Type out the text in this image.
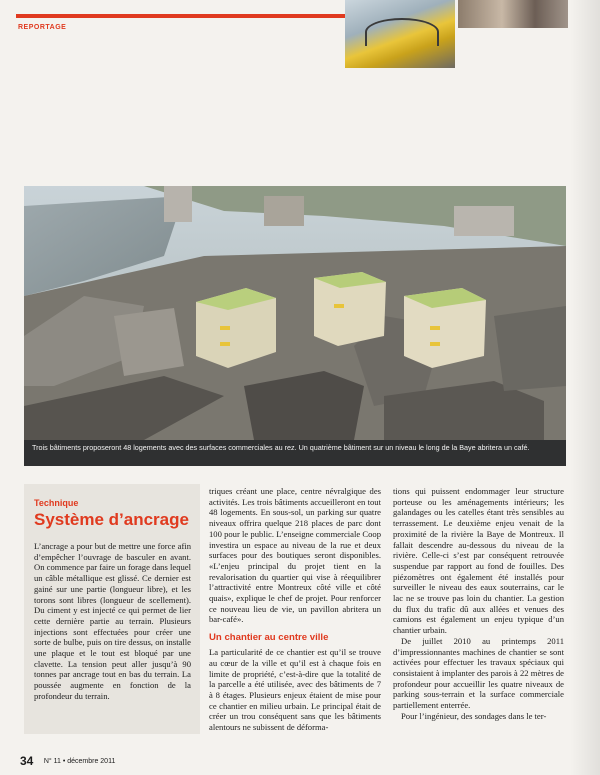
REPORTAGE
Trois bâtiments proposeront 48 logements avec des surfaces commerciales au rez. Un quatrième bâtiment sur un niveau le long de la Baye abritera un café.
Technique
Système d’ancrage
L’ancrage a pour but de mettre une force afin d’empêcher l’ouvrage de basculer en avant. On commence par faire un forage dans lequel un câble métallique est glissé. Ce dernier est gainé sur une partie (longueur libre), et les torons sont libres (longueur de scellement). Du ciment y est injecté ce qui permet de lier cette dernière partie au terrain. Plusieurs injections sont effectuées pour créer une sorte de bulbe, puis on tire dessus, on installe une plaque et le tout est bloqué par une clavette. La tension peut aller jusqu’à 90 tonnes par ancrage tout en bas du terrain. La poussée augmente en fonction de la profondeur du terrain.

triques créant une place, centre névralgique des activités. Les trois bâtiments accueilleront en tout 48 logements. En sous-sol, un parking sur quatre niveaux offrira quelque 218 places de parc dont 100 pour le public. L’enseigne commerciale Coop investira un espace au niveau de la rue et deux surfaces pour des boutiques seront disponibles. «L’enjeu principal du projet tient en la revalorisation du quartier qui vise à réequilibrer l’attractivité entre Montreux côté ville et côté quais», explique le chef de projet. Pour renforcer ce nouveau lieu de vie, un pavillon abritera un bar-café».

Un chantier au centre ville

La particularité de ce chantier est qu’il se trouve au cœur de la ville et qu’il est à chaque fois en limite de propriété, c’est-à-dire que la totalité de la parcelle a été utilisée, avec des bâtiments de 7 à 8 étages. Plusieurs enjeux étaient de mise pour ce chantier en milieu urbain. Le principal était de créer un trou conséquent sans que les bâtiments alentours ne subissent de déforma-

tions qui puissent endommager leur structure porteuse ou les aménagements intérieurs; les galandages ou les catelles étant très sensibles au terrassement. Le deuxième enjeu venait de la proximité de la rivière la Baye de Montreux. Il fallait descendre au-dessous du niveau de la rivière. Celle-ci s’est par conséquent retrouvée suspendue par rapport au fond de fouilles. Des piézomètres ont également été installés pour surveiller le niveau des eaux souterrains, car le lac ne se trouve pas loin du chantier. La gestion du flux du trafic dû aux allées et venues des camions est également un enjeu typique d’un chantier urbain.

De juillet 2010 au printemps 2011 d’impressionnantes machines de chantier se sont activées pour effectuer les travaux spéciaux qui consistaient à implanter des parois à 22 mètres de profondeur pour accueillir les quatre niveaux de parking sous-terrain et la surface commerciale partiellement enterrée.

Pour l’ingénieur, des sondages dans le ter-

34 N° 11 • décembre 2011
